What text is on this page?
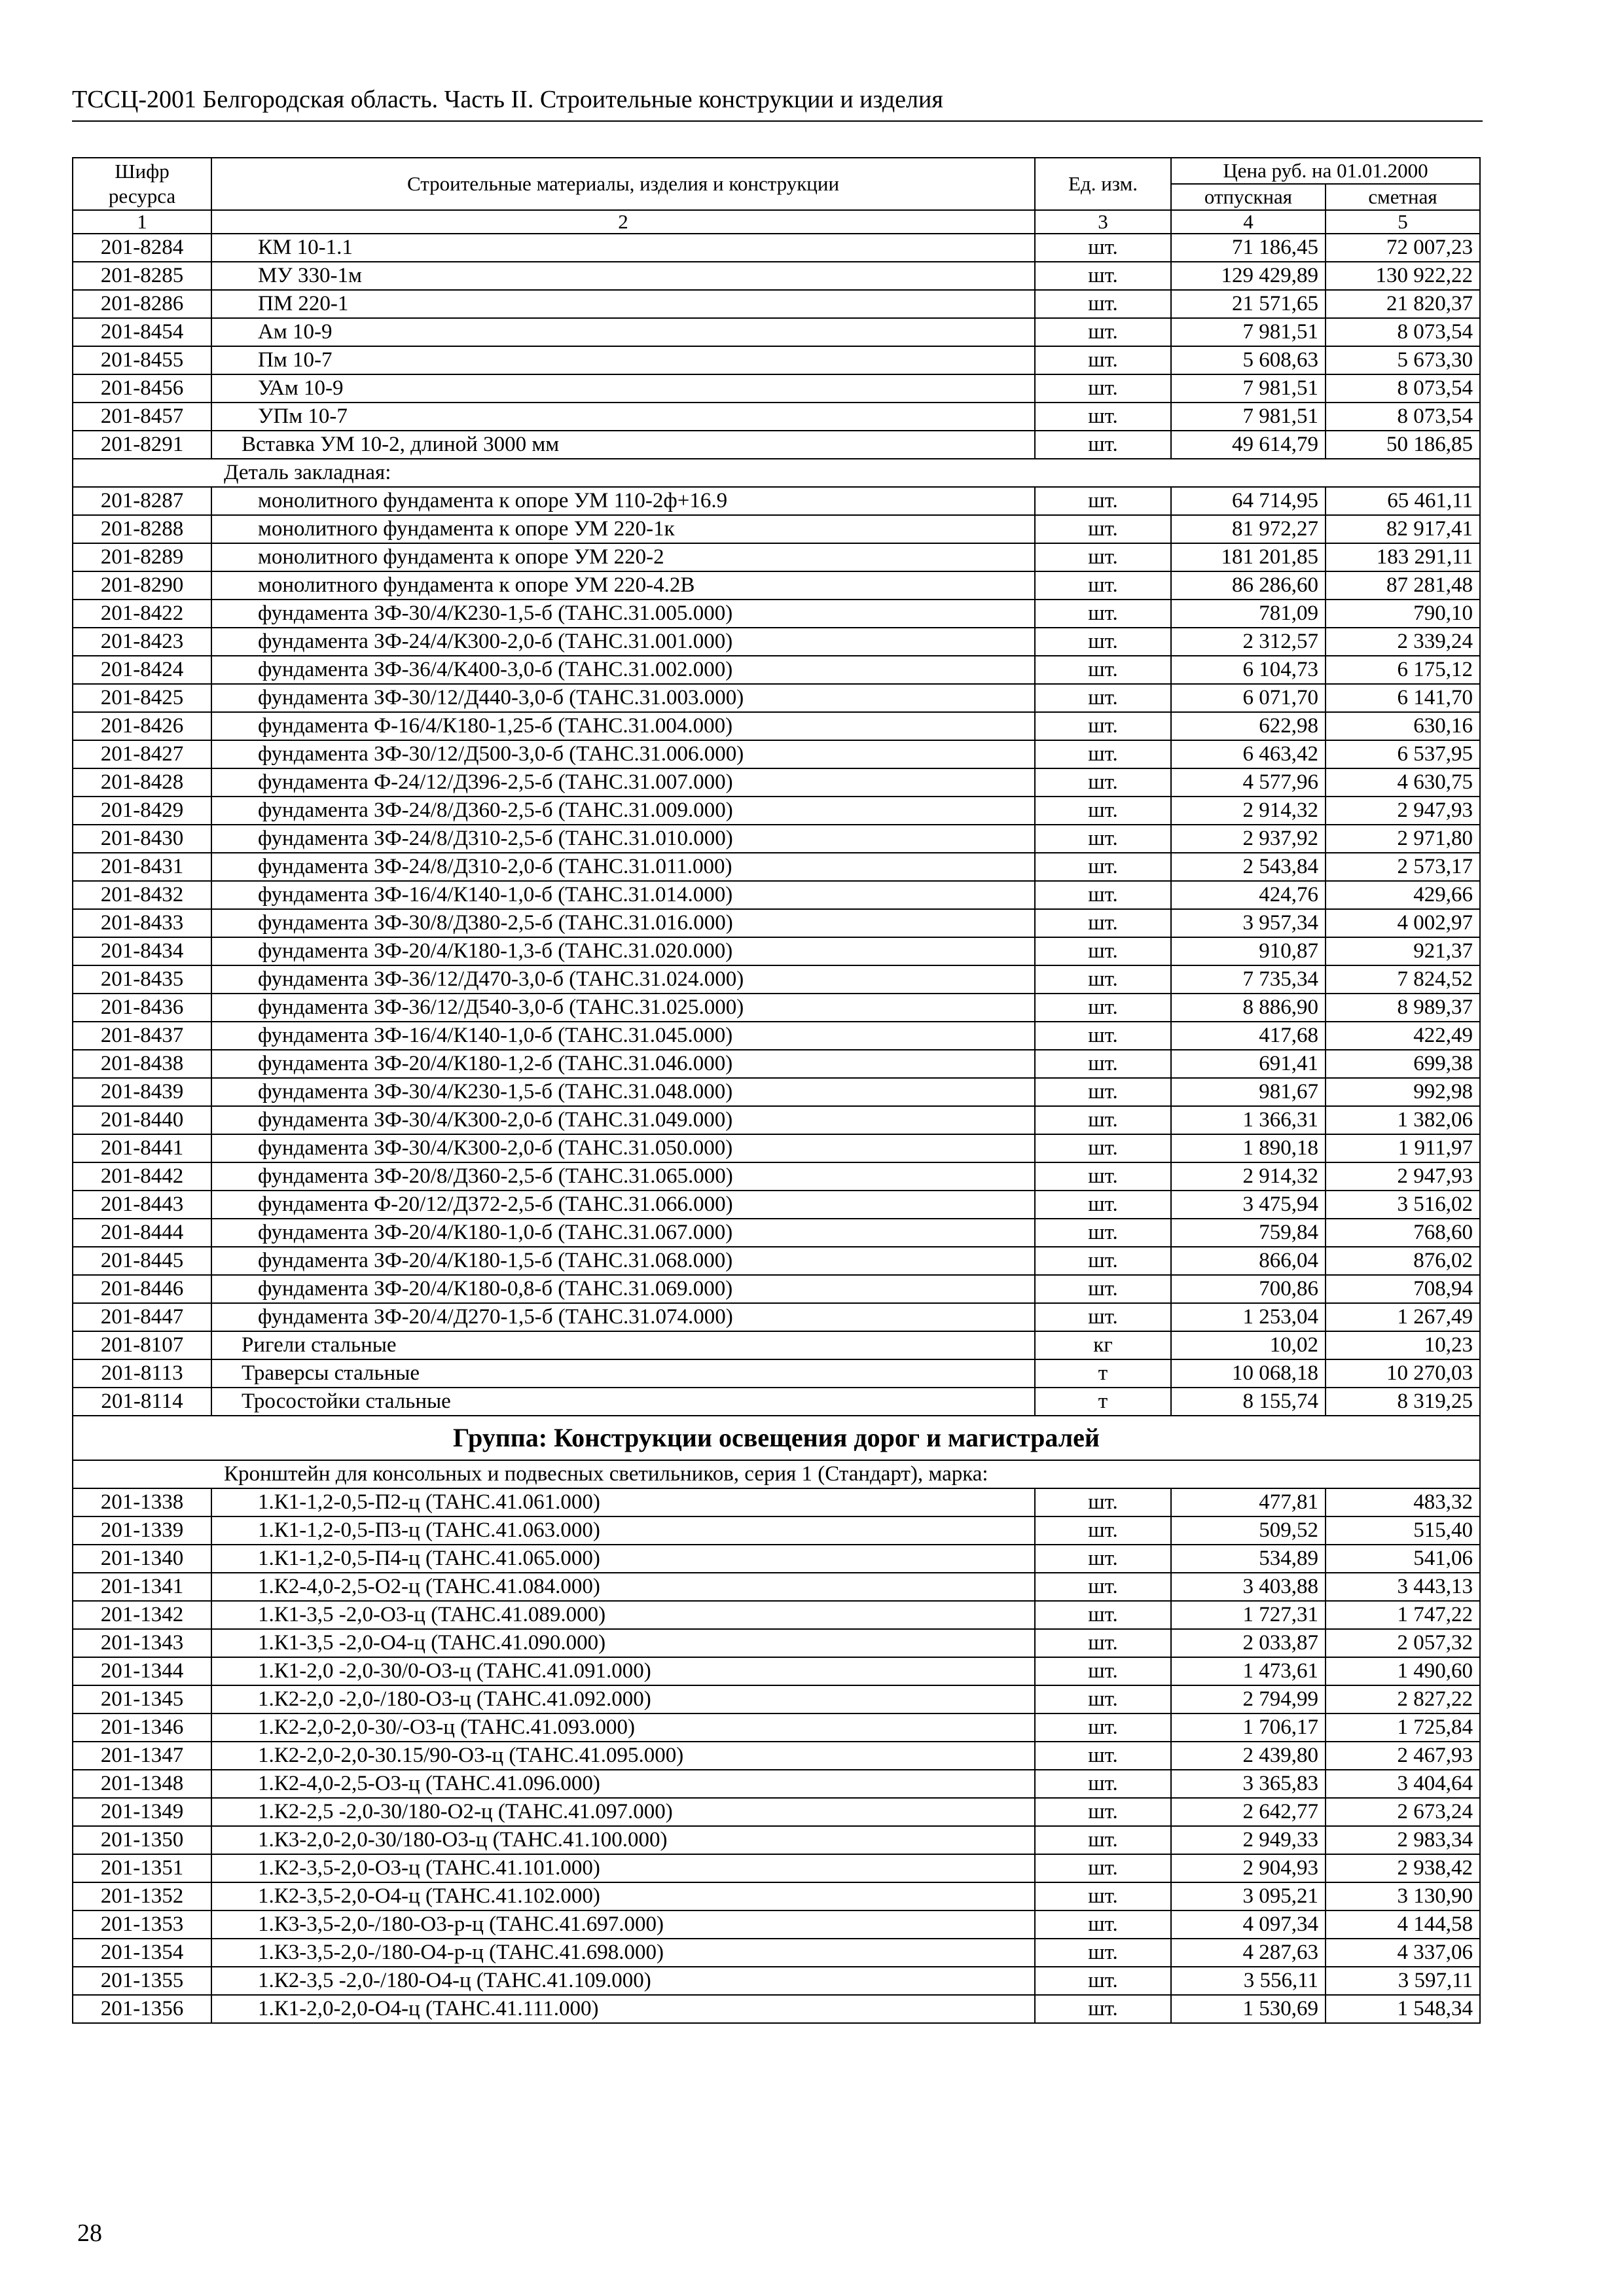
ТССЦ-2001 Белгородская область. Часть II. Строительные конструкции и изделия
Шифр ресурса	Строительные материалы, изделия и конструкции	Ед. изм.	Цена руб. на 01.01.2000	
			отпускная	сметная
1	2	3	4	5
201-8284	КМ 10-1.1	шт.	71 186,45	72 007,23
201-8285	МУ 330-1м	шт.	129 429,89	130 922,22
201-8286	ПМ 220-1	шт.	21 571,65	21 820,37
201-8454	Ам 10-9	шт.	7 981,51	8 073,54
201-8455	Пм 10-7	шт.	5 608,63	5 673,30
201-8456	УАм 10-9	шт.	7 981,51	8 073,54
201-8457	УПм 10-7	шт.	7 981,51	8 073,54
201-8291	Вставка УМ 10-2, длиной 3000 мм	шт.	49 614,79	50 186,85
Деталь закладная:				
201-8287	монолитного фундамента к опоре УМ 110-2ф+16.9	шт.	64 714,95	65 461,11
201-8288	монолитного фундамента к опоре УМ 220-1к	шт.	81 972,27	82 917,41
201-8289	монолитного фундамента к опоре УМ 220-2	шт.	181 201,85	183 291,11
201-8290	монолитного фундамента к опоре УМ 220-4.2В	шт.	86 286,60	87 281,48
201-8422	фундамента ЗФ-30/4/К230-1,5-б (ТАНС.31.005.000)	шт.	781,09	790,10
201-8423	фундамента ЗФ-24/4/К300-2,0-б (ТАНС.31.001.000)	шт.	2 312,57	2 339,24
201-8424	фундамента ЗФ-36/4/К400-3,0-б (ТАНС.31.002.000)	шт.	6 104,73	6 175,12
201-8425	фундамента ЗФ-30/12/Д440-3,0-б (ТАНС.31.003.000)	шт.	6 071,70	6 141,70
201-8426	фундамента Ф-16/4/К180-1,25-б (ТАНС.31.004.000)	шт.	622,98	630,16
201-8427	фундамента ЗФ-30/12/Д500-3,0-б (ТАНС.31.006.000)	шт.	6 463,42	6 537,95
201-8428	фундамента Ф-24/12/Д396-2,5-б (ТАНС.31.007.000)	шт.	4 577,96	4 630,75
201-8429	фундамента ЗФ-24/8/Д360-2,5-б (ТАНС.31.009.000)	шт.	2 914,32	2 947,93
201-8430	фундамента ЗФ-24/8/Д310-2,5-б (ТАНС.31.010.000)	шт.	2 937,92	2 971,80
201-8431	фундамента ЗФ-24/8/Д310-2,0-б (ТАНС.31.011.000)	шт.	2 543,84	2 573,17
201-8432	фундамента ЗФ-16/4/К140-1,0-б (ТАНС.31.014.000)	шт.	424,76	429,66
201-8433	фундамента ЗФ-30/8/Д380-2,5-б (ТАНС.31.016.000)	шт.	3 957,34	4 002,97
201-8434	фундамента ЗФ-20/4/К180-1,3-б (ТАНС.31.020.000)	шт.	910,87	921,37
201-8435	фундамента ЗФ-36/12/Д470-3,0-б (ТАНС.31.024.000)	шт.	7 735,34	7 824,52
201-8436	фундамента ЗФ-36/12/Д540-3,0-б (ТАНС.31.025.000)	шт.	8 886,90	8 989,37
201-8437	фундамента ЗФ-16/4/К140-1,0-б (ТАНС.31.045.000)	шт.	417,68	422,49
201-8438	фундамента ЗФ-20/4/К180-1,2-б (ТАНС.31.046.000)	шт.	691,41	699,38
201-8439	фундамента ЗФ-30/4/К230-1,5-б (ТАНС.31.048.000)	шт.	981,67	992,98
201-8440	фундамента ЗФ-30/4/К300-2,0-б (ТАНС.31.049.000)	шт.	1 366,31	1 382,06
201-8441	фундамента ЗФ-30/4/К300-2,0-б (ТАНС.31.050.000)	шт.	1 890,18	1 911,97
201-8442	фундамента ЗФ-20/8/Д360-2,5-б (ТАНС.31.065.000)	шт.	2 914,32	2 947,93
201-8443	фундамента Ф-20/12/Д372-2,5-б (ТАНС.31.066.000)	шт.	3 475,94	3 516,02
201-8444	фундамента ЗФ-20/4/К180-1,0-б (ТАНС.31.067.000)	шт.	759,84	768,60
201-8445	фундамента ЗФ-20/4/К180-1,5-б (ТАНС.31.068.000)	шт.	866,04	876,02
201-8446	фундамента ЗФ-20/4/К180-0,8-б (ТАНС.31.069.000)	шт.	700,86	708,94
201-8447	фундамента ЗФ-20/4/Д270-1,5-б (ТАНС.31.074.000)	шт.	1 253,04	1 267,49
201-8107	Ригели стальные	кг	10,02	10,23
201-8113	Траверсы стальные	т	10 068,18	10 270,03
201-8114	Тросостойки стальные	т	8 155,74	8 319,25
Группа: Конструкции освещения дорог и магистралей				
Кронштейн для консольных и подвесных светильников, серия 1 (Стандарт), марка:				
201-1338	1.К1-1,2-0,5-П2-ц (ТАНС.41.061.000)	шт.	477,81	483,32
201-1339	1.К1-1,2-0,5-П3-ц (ТАНС.41.063.000)	шт.	509,52	515,40
201-1340	1.К1-1,2-0,5-П4-ц (ТАНС.41.065.000)	шт.	534,89	541,06
201-1341	1.К2-4,0-2,5-О2-ц (ТАНС.41.084.000)	шт.	3 403,88	3 443,13
201-1342	1.К1-3,5 -2,0-О3-ц (ТАНС.41.089.000)	шт.	1 727,31	1 747,22
201-1343	1.К1-3,5 -2,0-О4-ц (ТАНС.41.090.000)	шт.	2 033,87	2 057,32
201-1344	1.К1-2,0 -2,0-30/0-О3-ц (ТАНС.41.091.000)	шт.	1 473,61	1 490,60
201-1345	1.К2-2,0 -2,0-/180-О3-ц (ТАНС.41.092.000)	шт.	2 794,99	2 827,22
201-1346	1.К2-2,0-2,0-30/-О3-ц (ТАНС.41.093.000)	шт.	1 706,17	1 725,84
201-1347	1.К2-2,0-2,0-30.15/90-О3-ц (ТАНС.41.095.000)	шт.	2 439,80	2 467,93
201-1348	1.К2-4,0-2,5-О3-ц (ТАНС.41.096.000)	шт.	3 365,83	3 404,64
201-1349	1.К2-2,5 -2,0-30/180-О2-ц (ТАНС.41.097.000)	шт.	2 642,77	2 673,24
201-1350	1.К3-2,0-2,0-30/180-О3-ц (ТАНС.41.100.000)	шт.	2 949,33	2 983,34
201-1351	1.К2-3,5-2,0-О3-ц (ТАНС.41.101.000)	шт.	2 904,93	2 938,42
201-1352	1.К2-3,5-2,0-О4-ц (ТАНС.41.102.000)	шт.	3 095,21	3 130,90
201-1353	1.К3-3,5-2,0-/180-О3-р-ц (ТАНС.41.697.000)	шт.	4 097,34	4 144,58
201-1354	1.К3-3,5-2,0-/180-О4-р-ц (ТАНС.41.698.000)	шт.	4 287,63	4 337,06
201-1355	1.К2-3,5 -2,0-/180-О4-ц (ТАНС.41.109.000)	шт.	3 556,11	3 597,11
201-1356	1.К1-2,0-2,0-О4-ц (ТАНС.41.111.000)	шт.	1 530,69	1 548,34
28
